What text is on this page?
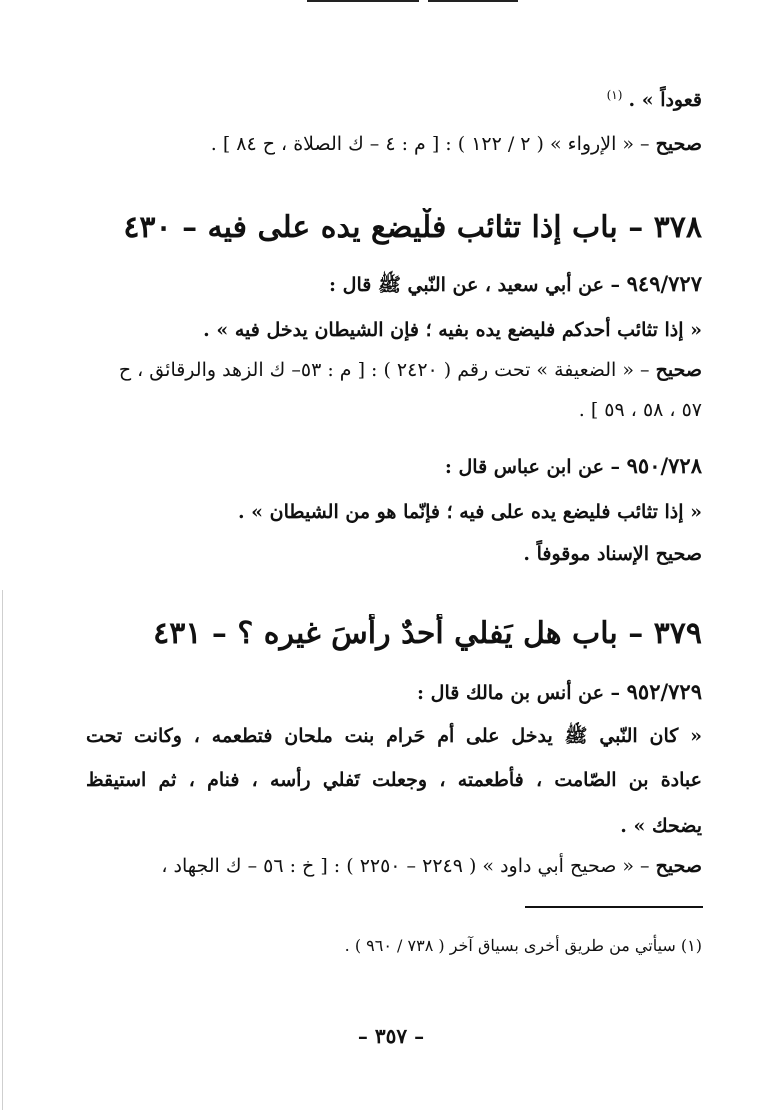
قعوداً » . $^{(١)}$
صحيح – « الإرواء » ( ٢ / ١٢٢ ) : [ م : ٤ – ك الصلاة ، ح ٨٤ ] .
٣٧٨ – باب إذا تثائب فلْيضع يده على فيه – ٤٣٠
٩٤٩/٧٢٧ – عن أبي سعيد ، عن النّبي ﷺ قال :
« إذا تثائب أحدكم فليضع يده بفيه ؛ فإن الشيطان يدخل فيه » .
صحيح – « الضعيفة » تحت رقم ( ٢٤٢٠ ) : [ م : ٥٣– ك الزهد والرقائق ، ح
٥٧ ، ٥٨ ، ٥٩ ] .
٩٥٠/٧٢٨ – عن ابن عباس قال :
« إذا تثائب فليضع يده على فيه ؛ فإنّما هو من الشيطان » .
صحيح الإسناد موقوفاً .
٣٧٩ – باب هل يَفلي أحدٌ رأسَ غيره ؟ – ٤٣١
٩٥٢/٧٢٩ – عن أنس بن مالك قال :
« كان النّبي ﷺ يدخل على أم حَرام بنت ملحان فتطعمه ، وكانت تحت
عبادة بن الصّامت ، فأطعمته ، وجعلت تَفلي رأسه ، فنام ، ثم استيقظ
يضحك » .
صحيح – « صحيح أبي داود » ( ٢٢٤٩ – ٢٢٥٠ ) : [ خ : ٥٦ – ك الجهاد ،
(١) سيأتي من طريق أخرى بسياق آخر ( ٧٣٨ / ٩٦٠ ) .
– ٣٥٧ –
